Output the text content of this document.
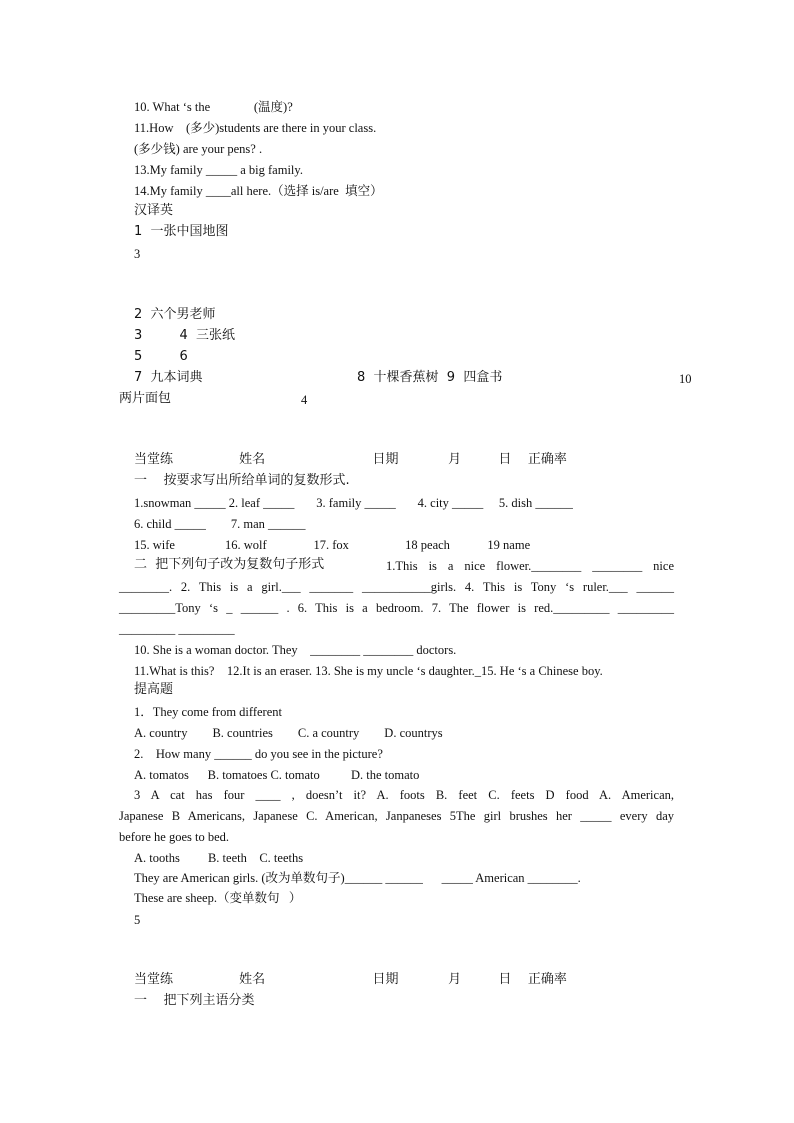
10. What ‘s the              (温度)?
11.How    (多少)students are there in your class.
(多少钱) are your pens? .
13.My family _____ a big family.
14.My family ____all here.（选择 is/are  填空）
汉译英
1  一张中国地图
3
2  六个男老师
3         4  三张纸
5         6
7  九本词典	8  十棵香蕉树  9  四盒书	10
两片面包	4
当堂练                姓名                          日期            月         日    正确率
一    按要求写出所给单词的复数形式.
1.snowman _____ 2. leaf _____       3. family _____       4. city _____     5. dish ______
6. child _____        7. man ______
15. wife                16. wolf               17. fox                  18 peach            19 name
二  把下列句子改为复数句子形式	1.This is a nice flower.________ ________ nice
________. 2. This is a girl.___ _______ ___________girls. 4. This is Tony ‘s ruler.___ ______
_________Tony ‘s _ ______ . 6. This is a bedroom. 7. The flower is red._________ _________
_________ _________
10. She is a woman doctor. They    ________ ________ doctors.
11.What is this?    12.It is an eraser. 13. She is my uncle ‘s daughter._15. He ‘s a Chinese boy.
提高题
1．They come from different
A. country        B. countries        C. a country        D. countrys
2.    How many ______ do you see in the picture?
A. tomatos      B. tomatoes C. tomato          D. the tomato
3 A cat has four ____ , doesn’t it? A. foots B. feet C. feets D food A. American,
Japanese B Americans, Japanese C. American, Janpaneses 5The girl brushes her _____ every day
before he goes to bed.
A. tooths         B. teeth    C. teeths
They are American girls. (改为单数句子)______ ______      _____ American ________.
These are sheep.（变单数句   ）
5
当堂练                姓名                          日期            月         日    正确率
一    把下列主语分类
